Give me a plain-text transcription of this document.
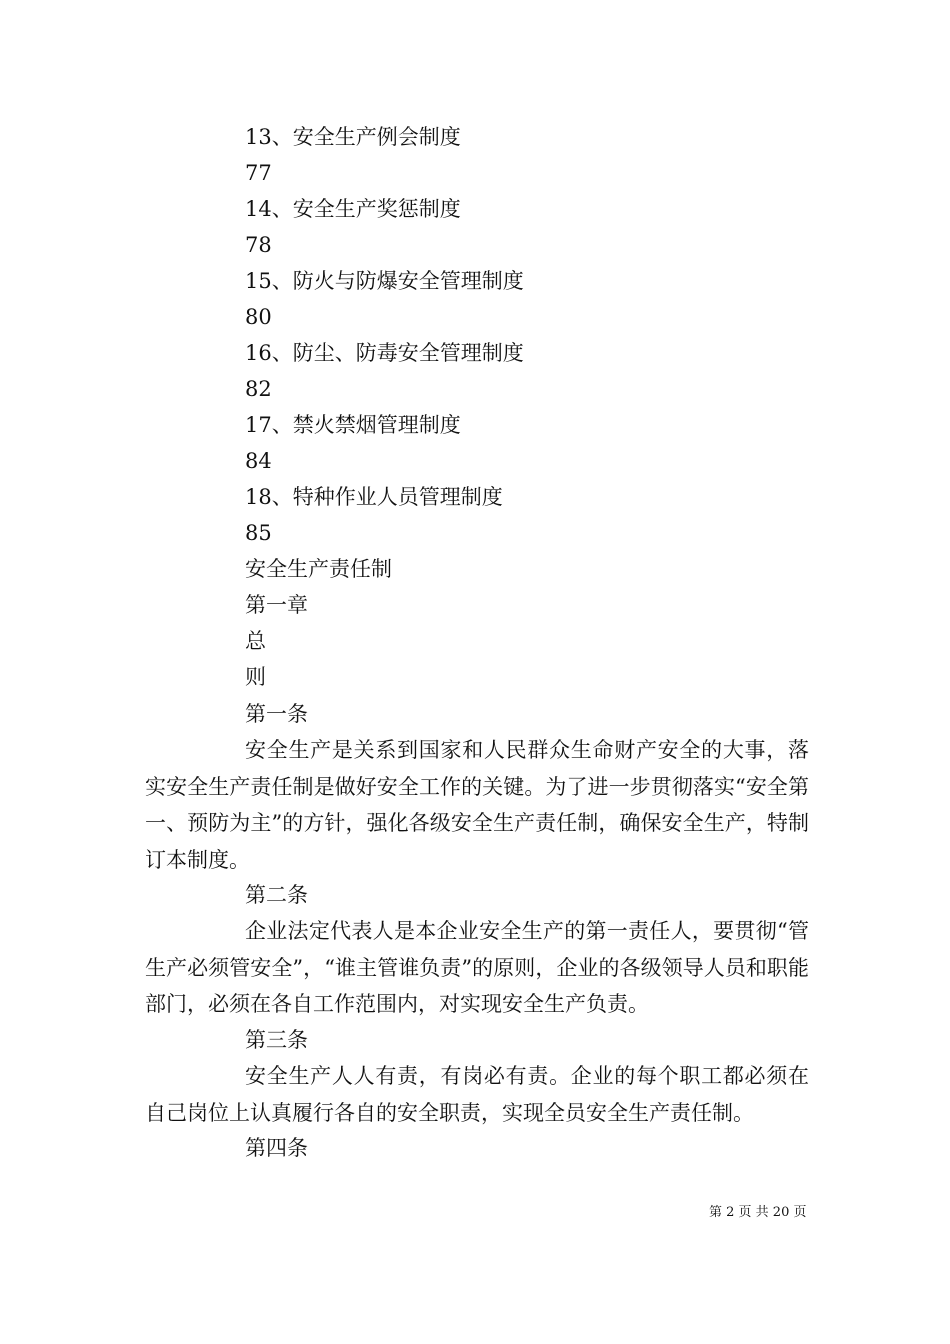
13、安全生产例会制度
77
14、安全生产奖惩制度
78
15、防火与防爆安全管理制度
80
16、防尘、防毒安全管理制度
82
17、禁火禁烟管理制度
84
18、特种作业人员管理制度
85
安全生产责任制
第一章
总
则
第一条
安全生产是关系到国家和人民群众生命财产安全的大事，落实安全生产责任制是做好安全工作的关键。为了进一步贯彻落实“安全第一、预防为主”的方针，强化各级安全生产责任制，确保安全生产，特制订本制度。
第二条
企业法定代表人是本企业安全生产的第一责任人，要贯彻“管生产必须管安全”，“谁主管谁负责”的原则，企业的各级领导人员和职能部门，必须在各自工作范围内，对实现安全生产负责。
第三条
安全生产人人有责，有岗必有责。企业的每个职工都必须在自己岗位上认真履行各自的安全职责，实现全员安全生产责任制。
第四条
第 2 页 共 20 页
